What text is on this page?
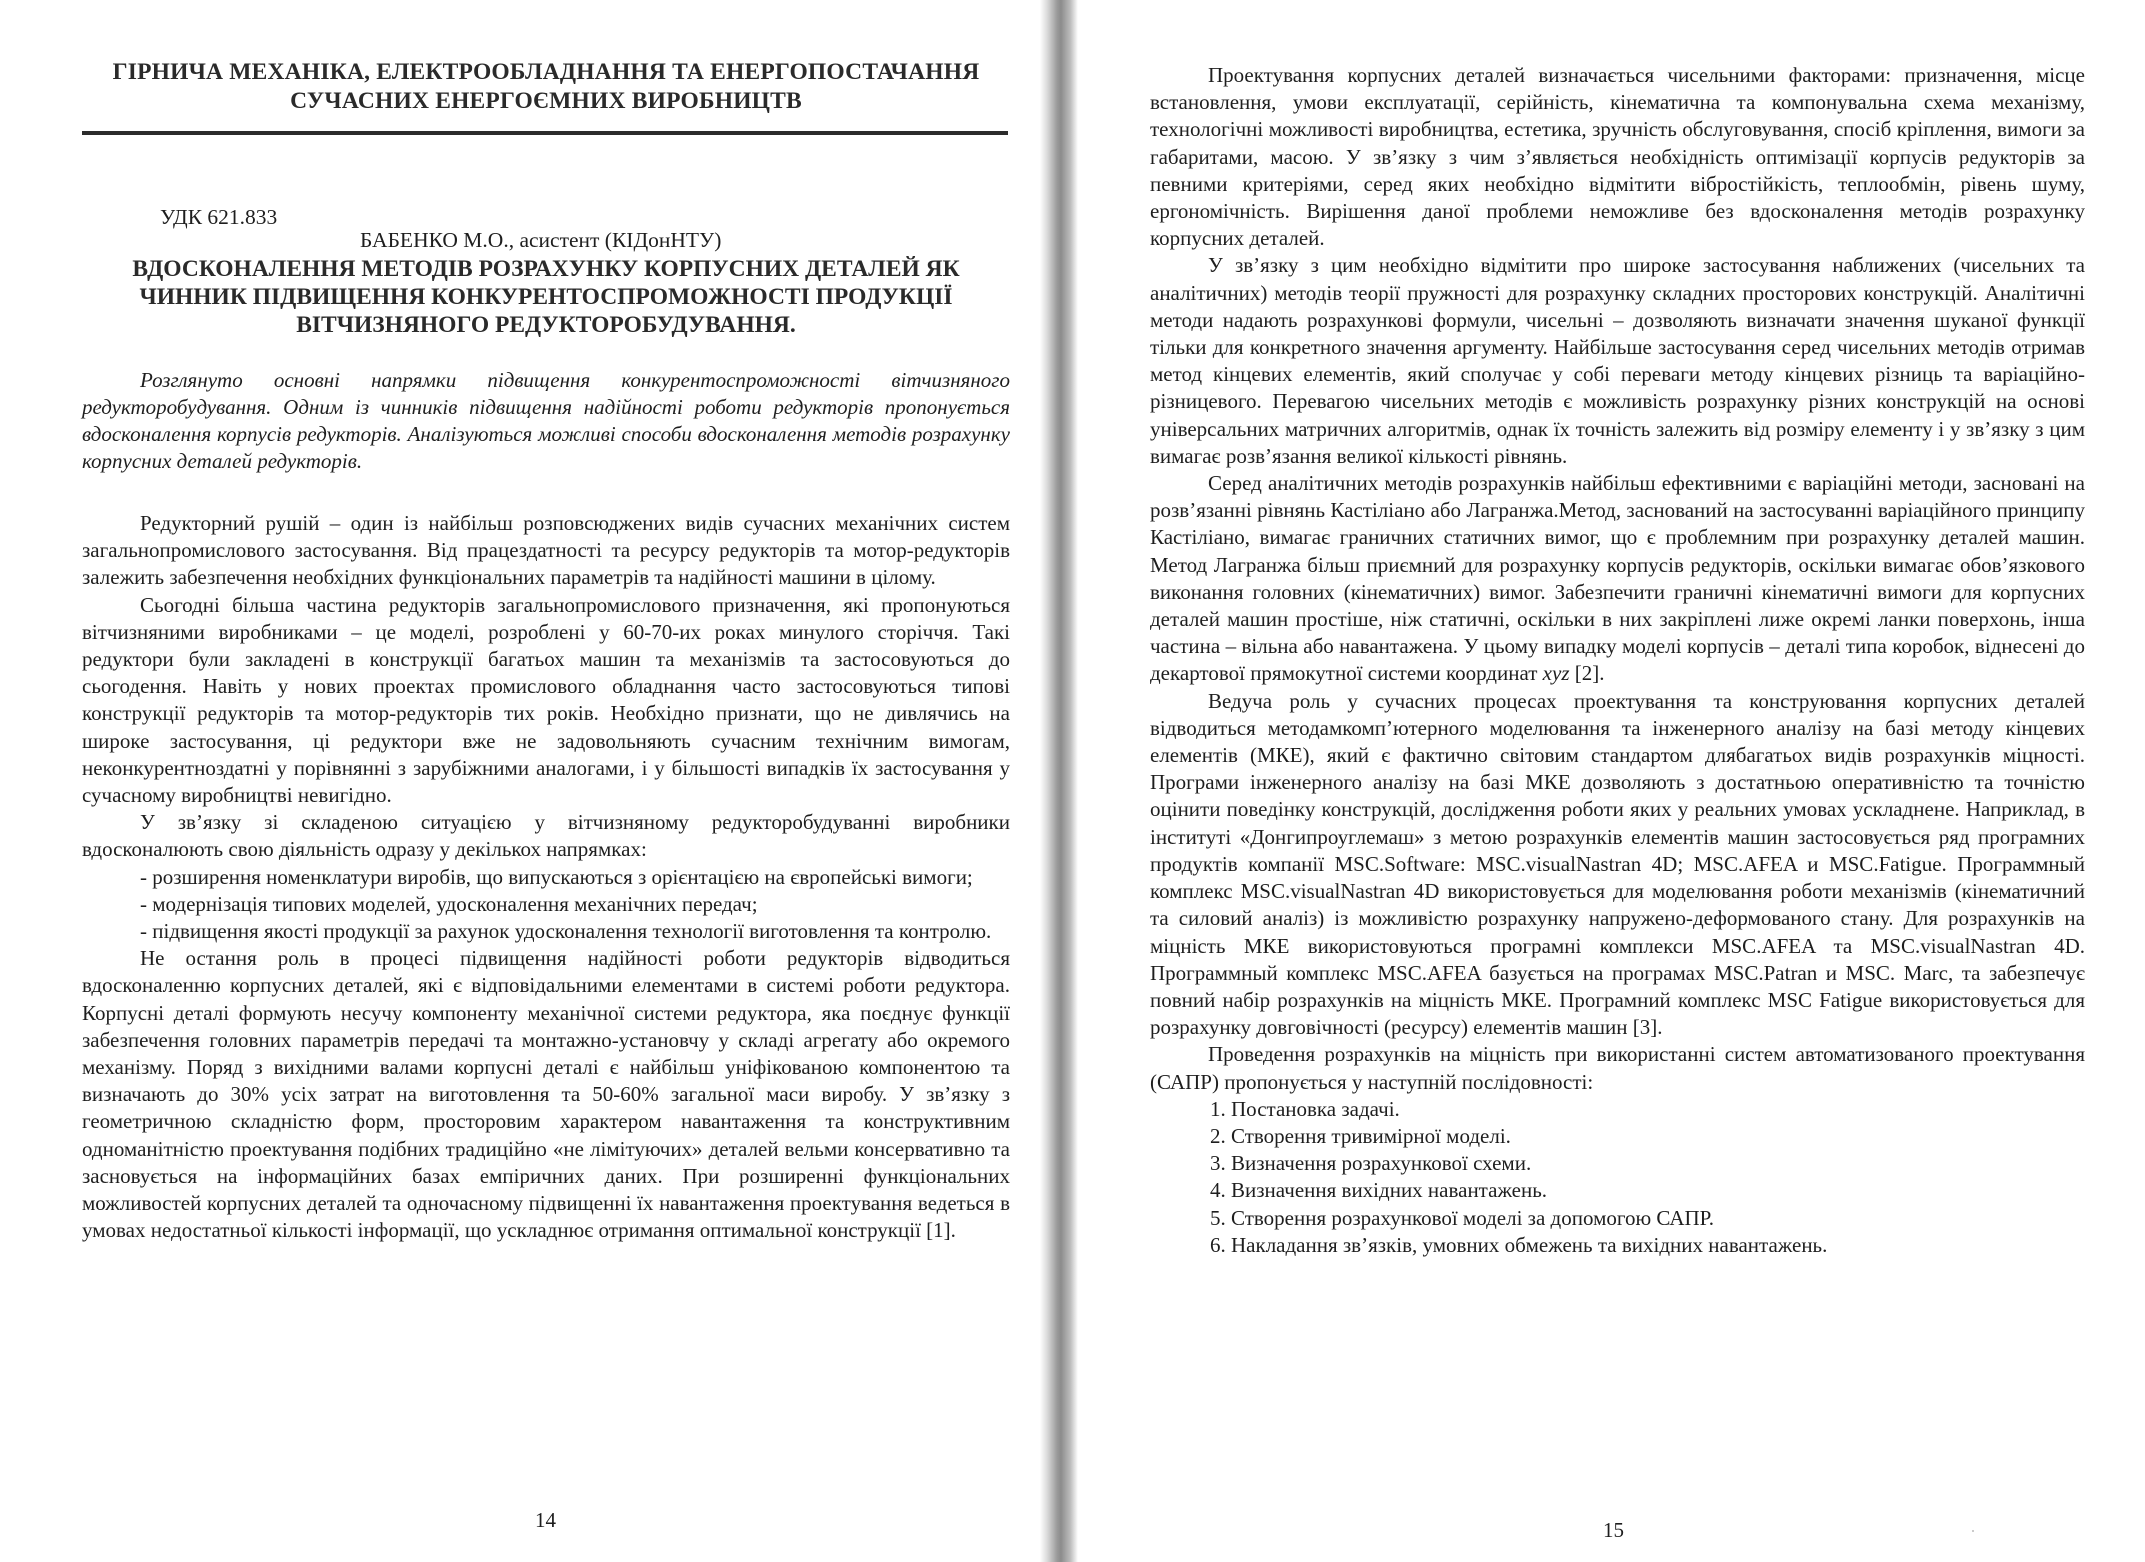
ГІРНИЧА МЕХАНІКА, ЕЛЕКТРООБЛАДНАННЯ ТА ЕНЕРГОПОСТАЧАННЯ
СУЧАСНИХ ЕНЕРГОЄМНИХ ВИРОБНИЦТВ
УДК 621.833
БАБЕНКО М.О., асистент (КІДонНТУ)
ВДОСКОНАЛЕННЯ МЕТОДІВ РОЗРАХУНКУ КОРПУСНИХ ДЕТАЛЕЙ ЯК
ЧИННИК ПІДВИЩЕННЯ КОНКУРЕНТОСПРОМОЖНОСТІ ПРОДУКЦІЇ
ВІТЧИЗНЯНОГО РЕДУКТОРОБУДУВАННЯ.
Розглянуто основні напрямки підвищення конкурентоспроможності вітчизняного редукторобудування. Одним із чинників підвищення надійності роботи редукторів пропонується вдосконалення корпусів редукторів. Аналізуються можливі способи вдосконалення методів розрахунку корпусних деталей редукторів.

Редукторний рушій – один із найбільш розповсюджених видів сучасних механічних систем загальнопромислового застосування. Від працездатності та ресурсу редукторів та мотор-редукторів залежить забезпечення необхідних функціональних параметрів та надійності машини в цілому.

Сьогодні більша частина редукторів загальнопромислового призначення, які пропонуються вітчизняними виробниками – це моделі, розроблені у 60-70-их роках минулого сторіччя. Такі редуктори були закладені в конструкції багатьох машин та механізмів та застосовуються до сьогодення. Навіть у нових проектах промислового обладнання часто застосовуються типові конструкції редукторів та мотор-редукторів тих років. Необхідно признати, що не дивлячись на широке застосування, ці редуктори вже не задовольняють сучасним технічним вимогам, неконкурентноздатні у порівнянні з зарубіжними аналогами, і у більшості випадків їх застосування у сучасному виробництві невигідно.

У зв’язку зі складеною ситуацією у вітчизняному редукторобудуванні виробники вдосконалюють свою діяльність одразу у декількох напрямках:

- розширення номенклатури виробів, що випускаються з орієнтацією на європейські вимоги;

- модернізація типових моделей, удосконалення механічних передач;

- підвищення якості продукції за рахунок удосконалення технології виготовлення та контролю.

Не остання роль в процесі підвищення надійності роботи редукторів відводиться вдосконаленню корпусних деталей, які є відповідальними елементами в системі роботи редуктора. Корпусні деталі формують несучу компоненту механічної системи редуктора, яка поєднує функції забезпечення головних параметрів передачі та монтажно-установчу у складі агрегату або окремого механізму. Поряд з вихідними валами корпусні деталі є найбільш уніфікованою компонентою та визначають до 30% усіх затрат на виготовлення та 50-60% загальної маси виробу. У зв’язку з геометричною складністю форм, просторовим характером навантаження та конструктивним одноманітністю проектування подібних традиційно «не лімітуючих» деталей вельми консервативно та засновується на інформаційних базах емпіричних даних. При розширенні функціональних можливостей корпусних деталей та одночасному підвищенні їх навантаження проектування ведеться в умовах недостатньої кількості інформації, що ускладнює отримання оптимальної конструкції [1].

14

Проектування корпусних деталей визначається чисельними факторами: призначення, місце встановлення, умови експлуатації, серійність, кінематична та компонувальна схема механізму, технологічні можливості виробництва, естетика, зручність обслуговування, спосіб кріплення, вимоги за габаритами, масою. У зв’язку з чим з’являється необхідність оптимізації корпусів редукторів за певними критеріями, серед яких необхідно відмітити вібростійкість, теплообмін, рівень шуму, ергономічність. Вирішення даної проблеми неможливе без вдосконалення методів розрахунку корпусних деталей.

У зв’язку з цим необхідно відмітити про широке застосування наближених (чисельних та аналітичних) методів теорії пружності для розрахунку складних просторових конструкцій. Аналітичні методи надають розрахункові формули, чисельні – дозволяють визначати значення шуканої функції тільки для конкретного значення аргументу. Найбільше застосування серед чисельних методів отримав метод кінцевих елементів, який сполучає у собі переваги методу кінцевих різниць та варіаційно-різницевого. Перевагою чисельних методів є можливість розрахунку різних конструкцій на основі універсальних матричних алгоритмів, однак їх точність залежить від розміру елементу і у зв’язку з цим вимагає розв’язання великої кількості рівнянь.

Серед аналітичних методів розрахунків найбільш ефективними є варіаційні методи, засновані на розв’язанні рівнянь Кастіліано або Лагранжа.Метод, заснований на застосуванні варіаційного принципу Кастіліано, вимагає граничних статичних вимог, що є проблемним при розрахунку деталей машин. Метод Лагранжа більш приємний для розрахунку корпусів редукторів, оскільки вимагає обов’язкового виконання головних (кінематичних) вимог. Забезпечити граничні кінематичні вимоги для корпусних деталей машин простіше, ніж статичні, оскільки в них закріплені лиже окремі ланки поверхонь, інша частина – вільна або навантажена. У цьому випадку моделі корпусів – деталі типа коробок, віднесені до декартової прямокутної системи координат xyz [2].

Ведуча роль у сучасних процесах проектування та конструювання корпусних деталей відводиться методамкомп’ютерного моделювання та інженерного аналізу на базі методу кінцевих елементів (МКЕ), який є фактично світовим стандартом длябагатьох видів розрахунків міцності. Програми інженерного аналізу на базі МКЕ дозволяють з достатньою оперативністю та точністю оцінити поведінку конструкцій, дослідження роботи яких у реальних умовах ускладнене. Наприклад, в інституті «Донгипроуглемаш» з метою розрахунків елементів машин застосовується ряд програмних продуктів компанії MSC.Software: MSC.visualNastran 4D; MSC.AFEA и MSC.Fatigue. Программный комплекс MSC.visualNastran 4D використовується для моделювання роботи механізмів (кінематичний та силовий аналіз) із можливістю розрахунку напружено-деформованого стану. Для розрахунків на міцність МКЕ використовуються програмні комплекси MSC.AFEA та MSC.visualNastran 4D. Программный комплекс MSC.AFEA базується на програмах MSC.Patran и MSC. Marc, та забезпечує повний набір розрахунків на міцність МКЕ. Програмний комплекс MSC Fatigue використовується для розрахунку довговічності (ресурсу) елементів машин [3].

Проведення розрахунків на міцність при використанні систем автоматизованого проектування (САПР) пропонується у наступній послідовності:

1. Постановка задачі.
2. Створення тривимірної моделі.
3. Визначення розрахункової схеми.
4. Визначення вихідних навантажень.
5. Створення розрахункової моделі за допомогою САПР.
6. Накладання зв’язків, умовних обмежень та вихідних навантажень.
15
